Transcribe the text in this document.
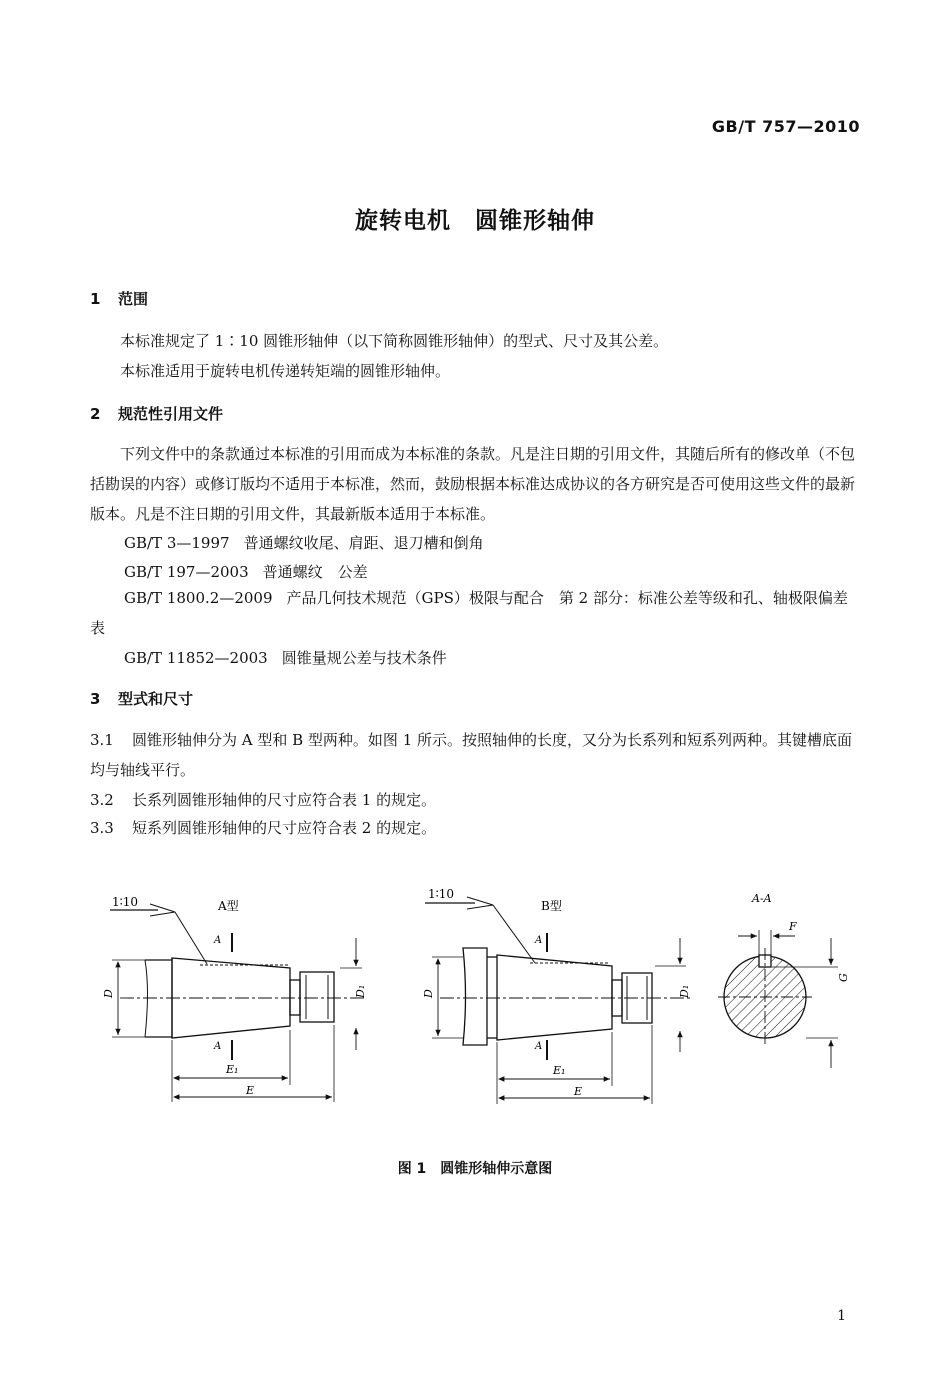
GB/T 757—2010
旋转电机　圆锥形轴伸
1 范围
本标准规定了 1∶10 圆锥形轴伸（以下简称圆锥形轴伸）的型式、尺寸及其公差。
本标准适用于旋转电机传递转矩端的圆锥形轴伸。
2 规范性引用文件
下列文件中的条款通过本标准的引用而成为本标准的条款。凡是注日期的引用文件，其随后所有的修改单（不包括勘误的内容）或修订版均不适用于本标准，然而，鼓励根据本标准达成协议的各方研究是否可使用这些文件的最新版本。凡是不注日期的引用文件，其最新版本适用于本标准。
GB/T 3—1997 普通螺纹收尾、肩距、退刀槽和倒角
GB/T 197—2003 普通螺纹　公差
GB/T 1800.2—2009 产品几何技术规范（GPS）极限与配合　第 2 部分：标准公差等级和孔、轴极限偏差表
GB/T 11852—2003 圆锥量规公差与技术条件
3 型式和尺寸
3.1 圆锥形轴伸分为 A 型和 B 型两种。如图 1 所示。按照轴伸的长度，又分为长系列和短系列两种。其键槽底面均与轴线平行。
3.2 长系列圆锥形轴伸的尺寸应符合表 1 的规定。
3.3 短系列圆锥形轴伸的尺寸应符合表 2 的规定。
1∶10	A型
A
A
D	D₁
E₁
E
1∶10
B型
A
A
D	D₁
E₁
E
A-A
F
G
图 1　圆锥形轴伸示意图
1
